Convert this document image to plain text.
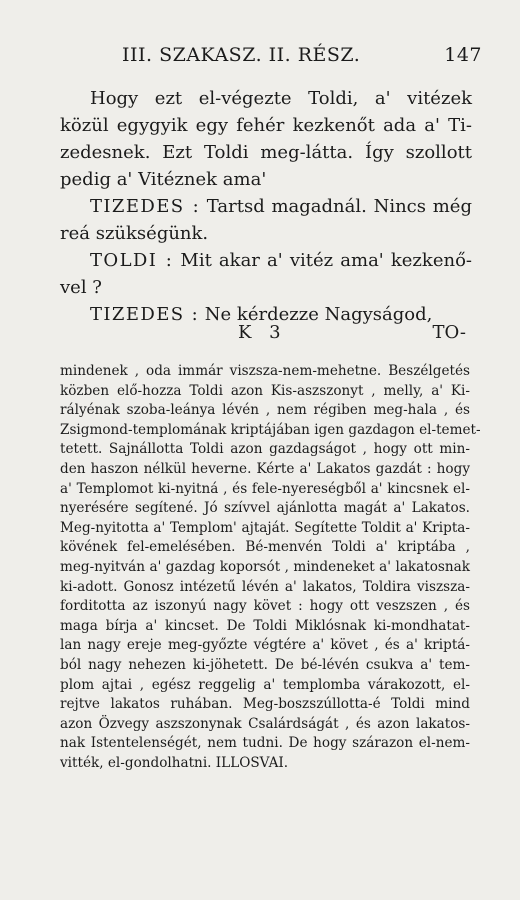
III. SZAKASZ. II. RÉSZ.	147

Hogy ezt el-végezte Toldi, a' vitézek közül egygyik egy fehér kezkenőt ada a' Ti-zedesnek. Ezt Toldi meg-látta. Így szollott pedig a' Vitéznek ama'

TIZEDES : Tartsd magadnál. Nincs még reá szükségünk.

TOLDI : Mit akar a' vitéz ama' kezkenő-vel ?

TIZEDES : Ne kérdezze Nagyságod,

K 3	TO-
mindenek , oda immár viszsza-nem-mehetne. Beszélgetés
közben elő-hozza Toldi azon Kis-aszszonyt , melly, a' Ki-
rályénak szoba-leánya lévén , nem régiben meg-hala , és
Zsigmond-templomának kriptájában igen gazdagon el-temet-
tetett. Sajnállotta Toldi azon gazdagságot , hogy ott min-
den haszon nélkül heverne. Kérte a' Lakatos gazdát : hogy
a' Templomot ki-nyitná , és fele-nyereségből a' kincsnek el-
nyerésére segítené. Jó szívvel ajánlotta magát a' Lakatos.
Meg-nyitotta a' Templom' ajtaját. Segítette Toldit a' Kripta-
kövének fel-emelésében. Bé-menvén Toldi a' kriptába ,
meg-nyitván a' gazdag koporsót , mindeneket a' lakatosnak
ki-adott. Gonosz intézetű lévén a' lakatos, Toldira viszsza-
forditotta az iszonyú nagy követ : hogy ott veszszen , és
maga bírja a' kincset. De Toldi Miklósnak ki-mondhatat-
lan nagy ereje meg-győzte végtére a' követ , és a' kriptá-
ból nagy nehezen ki-jöhetett. De bé-lévén csukva a' tem-
plom ajtai , egész reggelig a' templomba várakozott, el-
rejtve lakatos ruhában. Meg-boszszúllotta-é Toldi mind
azon Özvegy aszszonynak Csalárdságát , és azon lakatos-
nak Istentelenségét, nem tudni. De hogy szárazon el-nem-
vitték, el-gondolhatni. ILLOSVAI.
